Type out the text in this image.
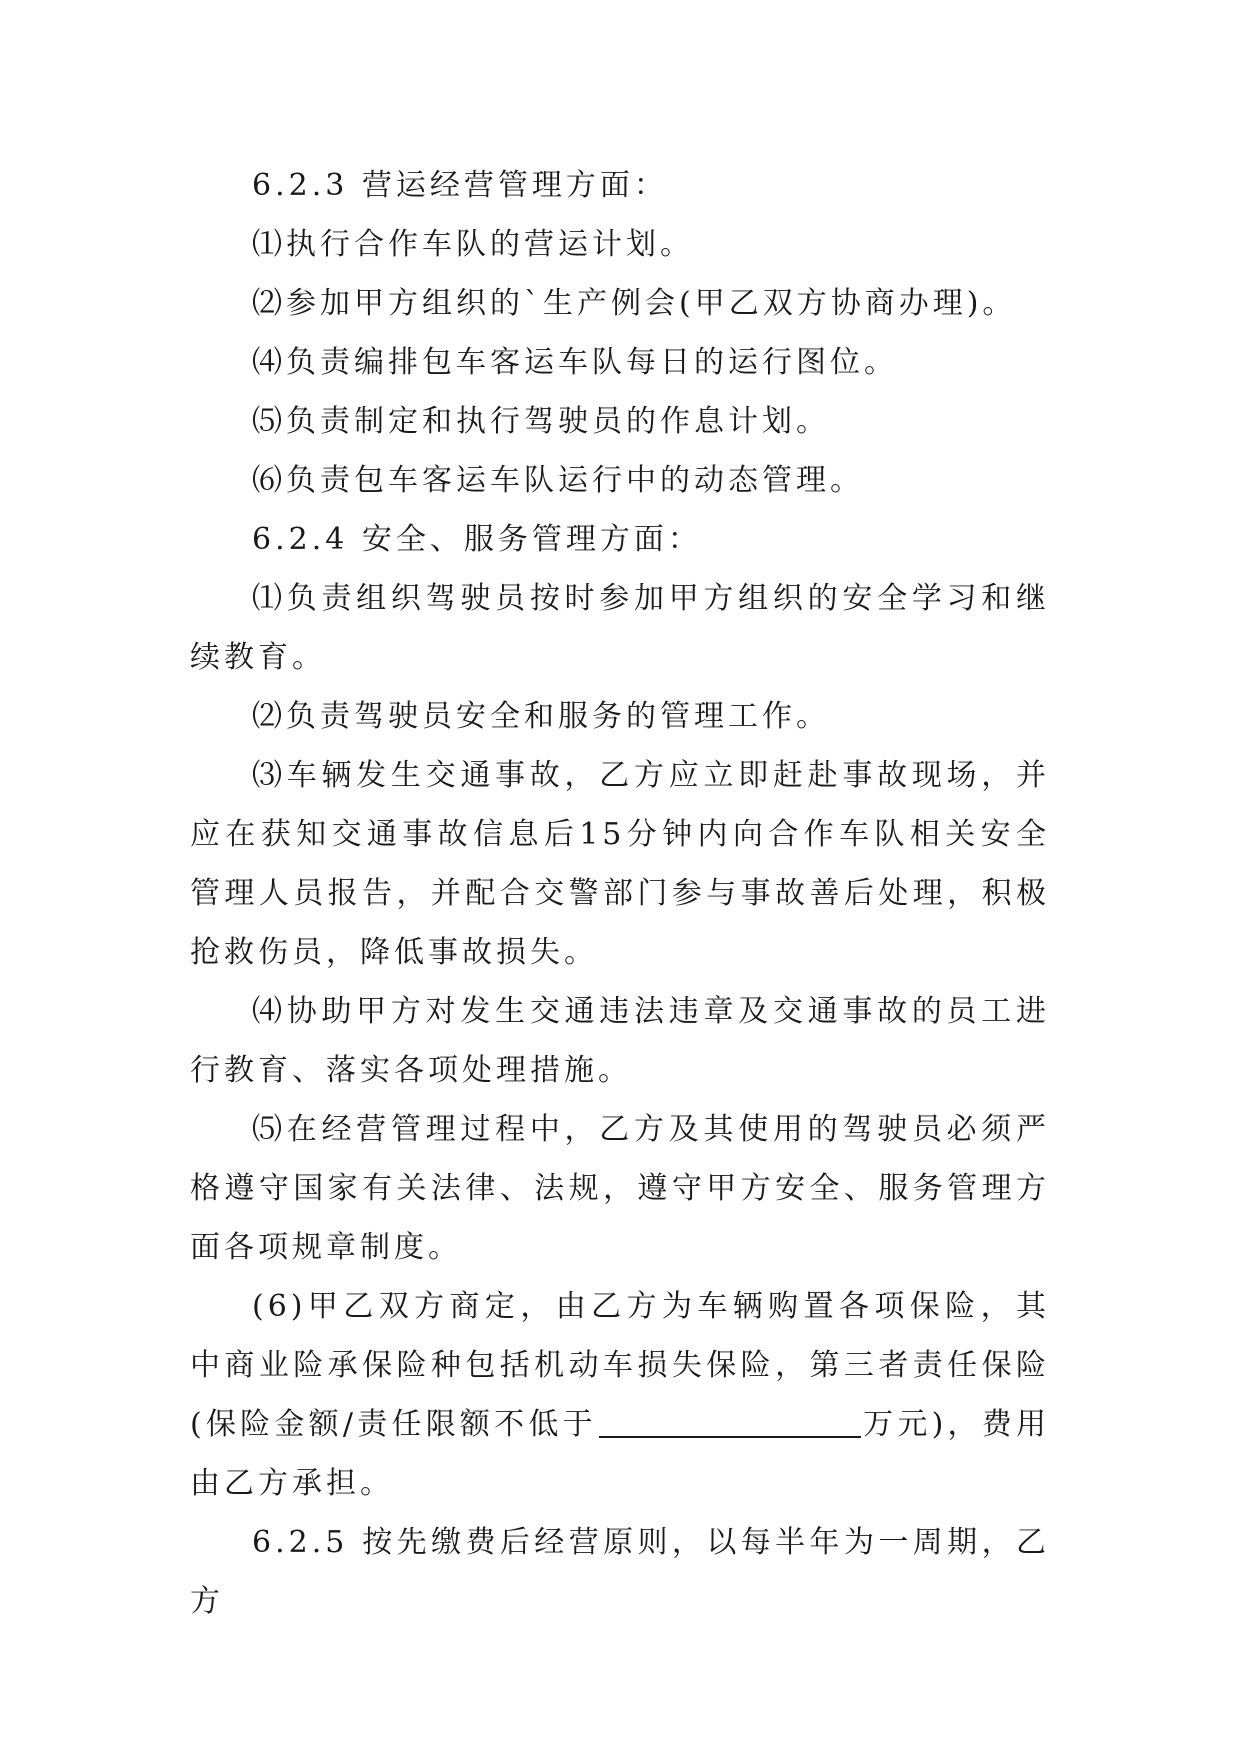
6.2.3 营运经营管理方面：

⑴执行合作车队的营运计划。

⑵参加甲方组织的`生产例会(甲乙双方协商办理)。

⑷负责编排包车客运车队每日的运行图位。

⑸负责制定和执行驾驶员的作息计划。

⑹负责包车客运车队运行中的动态管理。

6.2.4 安全、服务管理方面：

⑴负责组织驾驶员按时参加甲方组织的安全学习和继续教育。

⑵负责驾驶员安全和服务的管理工作。

⑶车辆发生交通事故，乙方应立即赶赴事故现场，并应在获知交通事故信息后15分钟内向合作车队相关安全管理人员报告，并配合交警部门参与事故善后处理，积极抢救伤员，降低事故损失。

⑷协助甲方对发生交通违法违章及交通事故的员工进行教育、落实各项处理措施。

⑸在经营管理过程中，乙方及其使用的驾驶员必须严格遵守国家有关法律、法规，遵守甲方安全、服务管理方面各项规章制度。

(6)甲乙双方商定，由乙方为车辆购置各项保险，其中商业险承保险种包括机动车损失保险，第三者责任保险(保险金额/责任限额不低于	万元)，费用由乙方承担。

6.2.5 按先缴费后经营原则，以每半年为一周期，乙方
